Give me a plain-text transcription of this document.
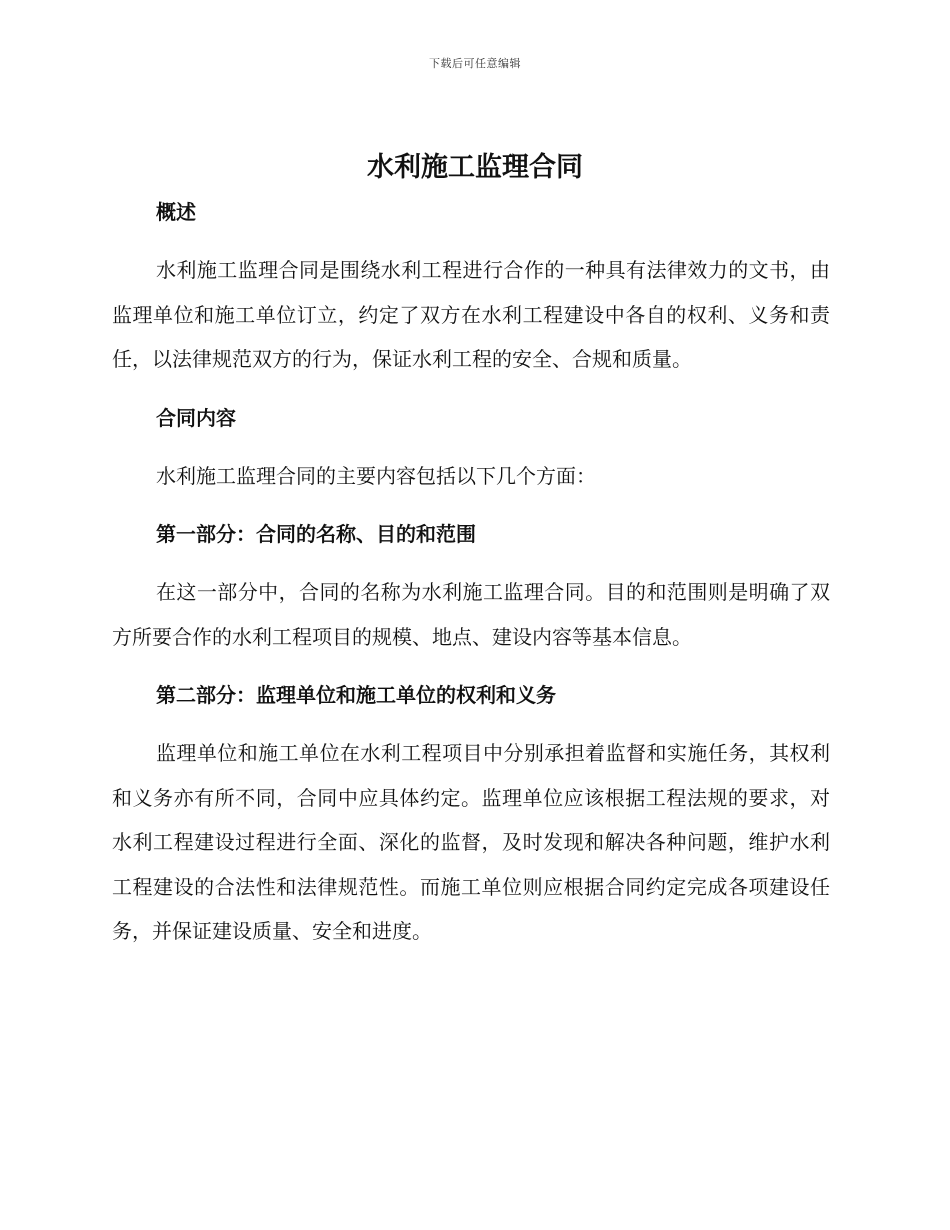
下载后可任意编辑
水利施工监理合同

概述

水利施工监理合同是围绕水利工程进行合作的一种具有法律效力的文书，由监理单位和施工单位订立，约定了双方在水利工程建设中各自的权利、义务和责任，以法律规范双方的行为，保证水利工程的安全、合规和质量。

合同内容

水利施工监理合同的主要内容包括以下几个方面：

第一部分：合同的名称、目的和范围

在这一部分中，合同的名称为水利施工监理合同。目的和范围则是明确了双方所要合作的水利工程项目的规模、地点、建设内容等基本信息。

第二部分：监理单位和施工单位的权利和义务

监理单位和施工单位在水利工程项目中分别承担着监督和实施任务，其权利和义务亦有所不同，合同中应具体约定。监理单位应该根据工程法规的要求，对水利工程建设过程进行全面、深化的监督，及时发现和解决各种问题，维护水利工程建设的合法性和法律规范性。而施工单位则应根据合同约定完成各项建设任务，并保证建设质量、安全和进度。
